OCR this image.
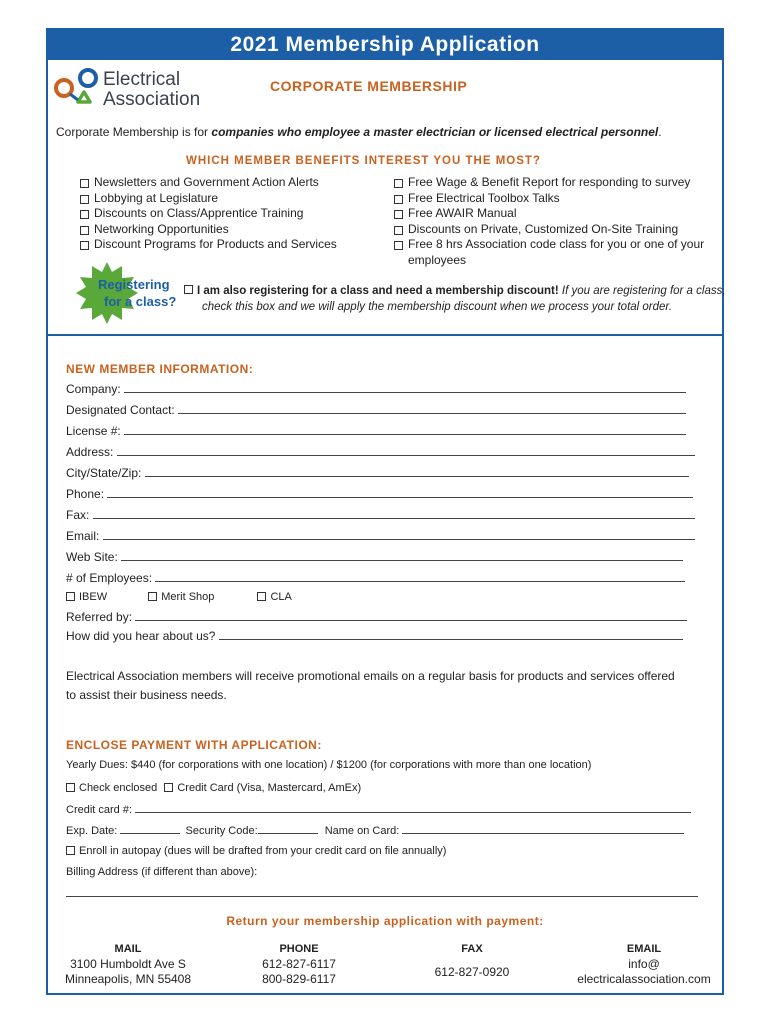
2021 Membership Application
Electrical
Association
CORPORATE MEMBERSHIP
Corporate Membership is for companies who employee a master electrician or licensed electrical personnel.
WHICH MEMBER BENEFITS INTEREST YOU THE MOST?
Newsletters and Government Action Alerts
Lobbying at Legislature
Discounts on Class/Apprentice Training
Networking Opportunities
Discount Programs for Products and Services
Free Wage & Benefit Report for responding to survey
Free Electrical Toolbox Talks
Free AWAIR Manual
Discounts on Private, Customized On-Site Training
Free 8 hrs Association code class for you or one of your employees
Registering
for a class?
I am also registering for a class and need a membership discount! If you are registering for a class,
check this box and we will apply the membership discount when we process your total order.
NEW MEMBER INFORMATION:
Company:
Designated Contact:
License #:
Address:
City/State/Zip:
Phone:
Fax:
Email:
Web Site:
# of Employees:
IBEW	Merit Shop	CLA
Referred by:
How did you hear about us?
Electrical Association members will receive promotional emails on a regular basis for products and services offered
to assist their business needs.
ENCLOSE PAYMENT WITH APPLICATION:
Yearly Dues: $440 (for corporations with one location) / $1200 (for corporations with more than one location)
Check enclosed Credit Card (Visa, Mastercard, AmEx)
Credit card #:
Exp. Date:	Security Code:	Name on Card:
Enroll in autopay (dues will be drafted from your credit card on file annually)
Billing Address (if different than above):
Return your membership application with payment:
MAIL
3100 Humboldt Ave S
Minneapolis, MN 55408
PHONE
612-827-6117
800-829-6117
FAX
612-827-0920
EMAIL
info@
electricalassociation.com
